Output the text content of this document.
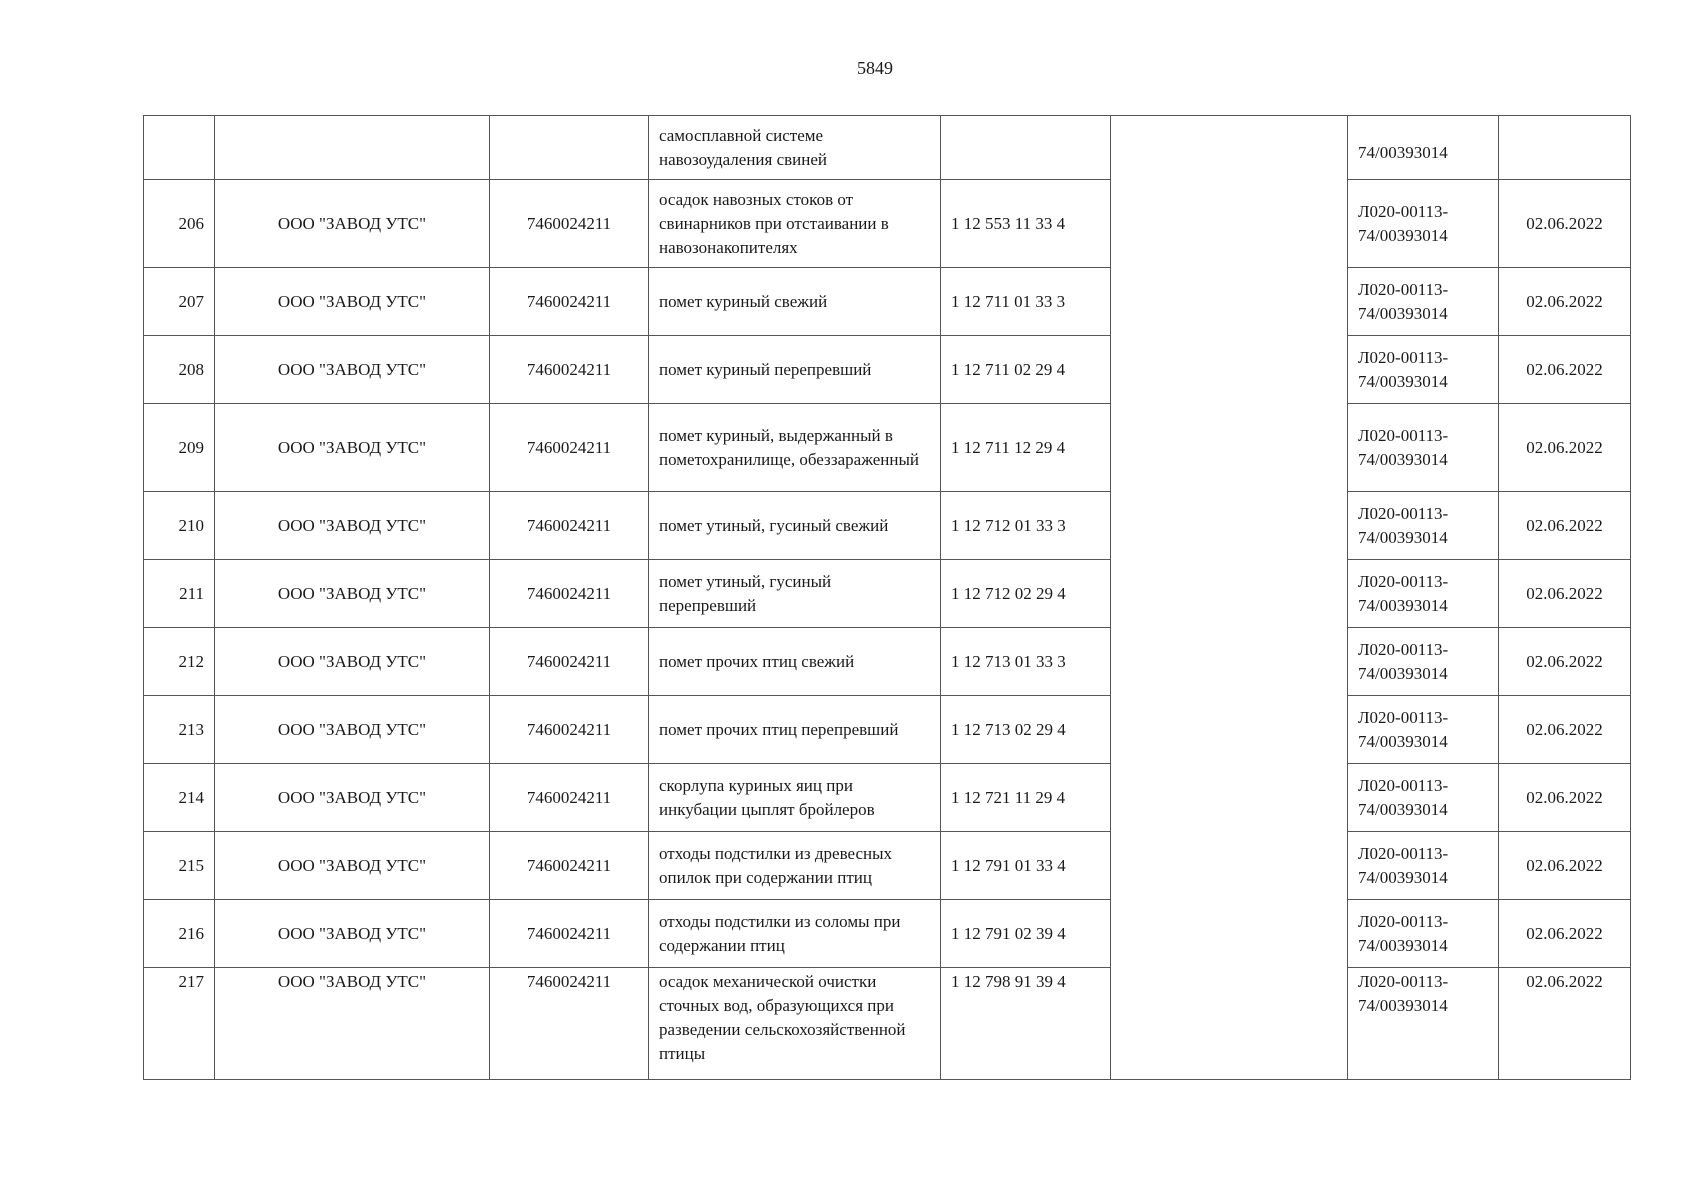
5849
			самосплавной системе навозоудаления свиней			74/00393014	
206	ООО "ЗАВОД УТС"	7460024211	осадок навозных стоков от свинарников при отстаивании в навозонакопителях	1 12 553 11 33 4		Л020-00113-74/00393014	02.06.2022
207	ООО "ЗАВОД УТС"	7460024211	помет куриный свежий	1 12 711 01 33 3		Л020-00113-74/00393014	02.06.2022
208	ООО "ЗАВОД УТС"	7460024211	помет куриный перепревший	1 12 711 02 29 4		Л020-00113-74/00393014	02.06.2022
209	ООО "ЗАВОД УТС"	7460024211	помет куриный, выдержанный в пометохранилище, обеззараженный	1 12 711 12 29 4		Л020-00113-74/00393014	02.06.2022
210	ООО "ЗАВОД УТС"	7460024211	помет утиный, гусиный свежий	1 12 712 01 33 3		Л020-00113-74/00393014	02.06.2022
211	ООО "ЗАВОД УТС"	7460024211	помет утиный, гусиный перепревший	1 12 712 02 29 4		Л020-00113-74/00393014	02.06.2022
212	ООО "ЗАВОД УТС"	7460024211	помет прочих птиц свежий	1 12 713 01 33 3		Л020-00113-74/00393014	02.06.2022
213	ООО "ЗАВОД УТС"	7460024211	помет прочих птиц перепревший	1 12 713 02 29 4		Л020-00113-74/00393014	02.06.2022
214	ООО "ЗАВОД УТС"	7460024211	скорлупа куриных яиц при инкубации цыплят бройлеров	1 12 721 11 29 4		Л020-00113-74/00393014	02.06.2022
215	ООО "ЗАВОД УТС"	7460024211	отходы подстилки из древесных опилок при содержании птиц	1 12 791 01 33 4		Л020-00113-74/00393014	02.06.2022
216	ООО "ЗАВОД УТС"	7460024211	отходы подстилки из соломы при содержании птиц	1 12 791 02 39 4		Л020-00113-74/00393014	02.06.2022
217	ООО "ЗАВОД УТС"	7460024211	осадок механической очистки сточных вод, образующихся при разведении сельскохозяйственной птицы	1 12 798 91 39 4		Л020-00113-74/00393014	02.06.2022
